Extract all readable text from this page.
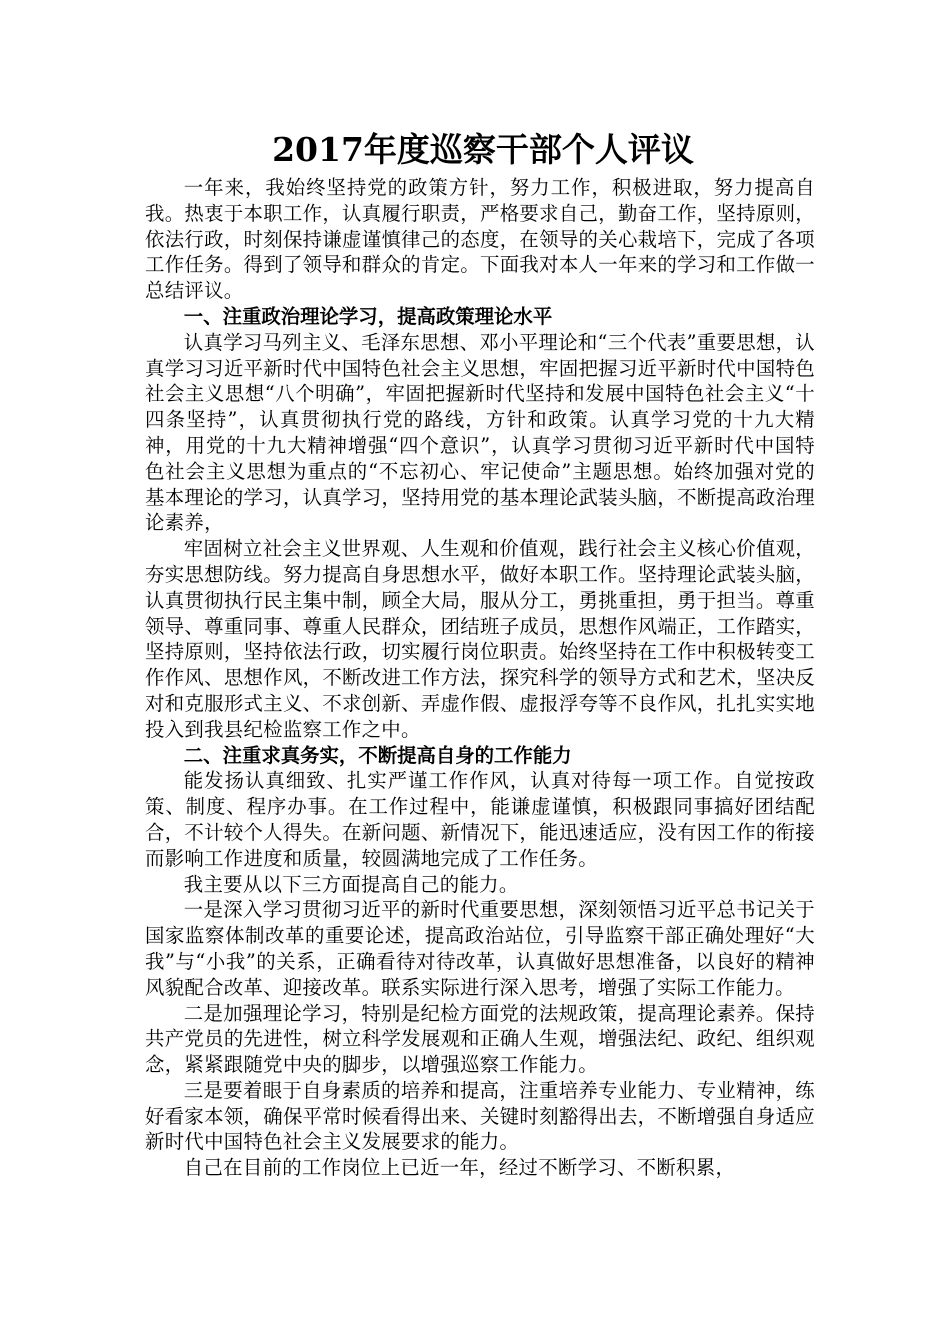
2017年度巡察干部个人评议

一年来，我始终坚持党的政策方针，努力工作，积极进取，努力提高自我。热衷于本职工作，认真履行职责，严格要求自己，勤奋工作，坚持原则，依法行政，时刻保持谦虚谨慎律己的态度，在领导的关心栽培下，完成了各项工作任务。得到了领导和群众的肯定。下面我对本人一年来的学习和工作做一总结评议。

一、注重政治理论学习，提高政策理论水平

认真学习马列主义、毛泽东思想、邓小平理论和“三个代表”重要思想，认真学习习近平新时代中国特色社会主义思想，牢固把握习近平新时代中国特色社会主义思想“八个明确”，牢固把握新时代坚持和发展中国特色社会主义“十四条坚持”，认真贯彻执行党的路线，方针和政策。认真学习党的十九大精神，用党的十九大精神增强“四个意识”，认真学习贯彻习近平新时代中国特色社会主义思想为重点的“不忘初心、牢记使命”主题思想。始终加强对党的基本理论的学习，认真学习，坚持用党的基本理论武装头脑，不断提高政治理论素养，

牢固树立社会主义世界观、人生观和价值观，践行社会主义核心价值观，夯实思想防线。努力提高自身思想水平，做好本职工作。坚持理论武装头脑，认真贯彻执行民主集中制，顾全大局，服从分工，勇挑重担，勇于担当。尊重领导、尊重同事、尊重人民群众，团结班子成员，思想作风端正，工作踏实，坚持原则，坚持依法行政，切实履行岗位职责。始终坚持在工作中积极转变工作作风、思想作风，不断改进工作方法，探究科学的领导方式和艺术，坚决反对和克服形式主义、不求创新、弄虚作假、虚报浮夸等不良作风，扎扎实实地投入到我县纪检监察工作之中。

二、注重求真务实，不断提高自身的工作能力

能发扬认真细致、扎实严谨工作作风，认真对待每一项工作。自觉按政策、制度、程序办事。在工作过程中，能谦虚谨慎，积极跟同事搞好团结配合，不计较个人得失。在新问题、新情况下，能迅速适应，没有因工作的衔接而影响工作进度和质量，较圆满地完成了工作任务。

我主要从以下三方面提高自己的能力。

一是深入学习贯彻习近平的新时代重要思想，深刻领悟习近平总书记关于国家监察体制改革的重要论述，提高政治站位，引导监察干部正确处理好“大我”与“小我”的关系，正确看待对待改革，认真做好思想准备，以良好的精神风貌配合改革、迎接改革。联系实际进行深入思考，增强了实际工作能力。

二是加强理论学习，特别是纪检方面党的法规政策，提高理论素养。保持共产党员的先进性，树立科学发展观和正确人生观，增强法纪、政纪、组织观念，紧紧跟随党中央的脚步，以增强巡察工作能力。

三是要着眼于自身素质的培养和提高，注重培养专业能力、专业精神，练好看家本领，确保平常时候看得出来、关键时刻豁得出去，不断增强自身适应新时代中国特色社会主义发展要求的能力。

自己在目前的工作岗位上已近一年，经过不断学习、不断积累，
